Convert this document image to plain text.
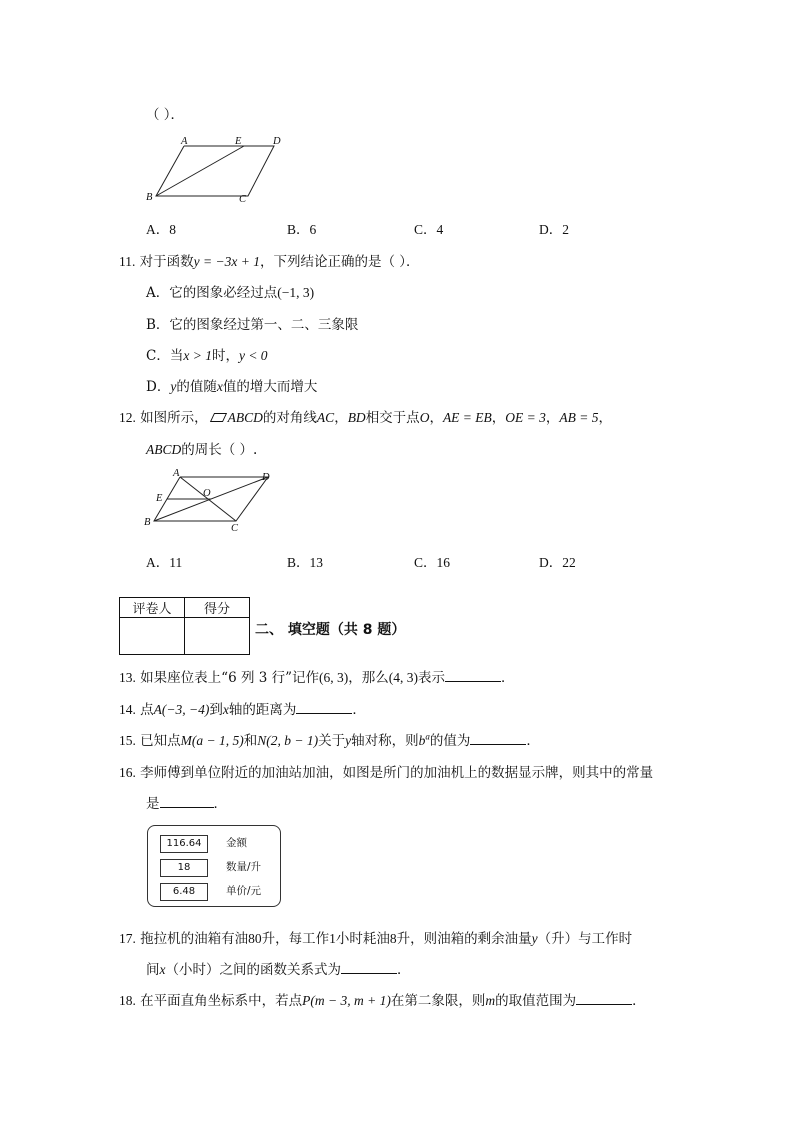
（ ）．
A	E	D
B	C
A．8	B．6	C．4	D．2
11. 对于函数y = −3x + 1，下列结论正确的是（ ）．
A．它的图象必经过点(−1, 3)
B．它的图象经过第一、二、三象限
C．当x > 1时，y < 0
D．y的值随x值的增大而增大
12. 如图所示， ABCD的对角线AC，BD相交于点O，AE = EB，OE = 3，AB = 5，
ABCD的周长（ ）.
A	D
E	O
B
C
A．11	B．13	C．16	D．22
评卷人	得分

二、 填空题（共 8 题）
13. 如果座位表上“6 列 3 行”记作(6, 3)，那么(4, 3)表示	．
14. 点A(−3, −4)到x轴的距离为	．
15. 已知点M(a − 1, 5)和N(2, b − 1)关于y轴对称，则$b^a$的值为	．
16. 李师傅到单位附近的加油站加油，如图是所门的加油机上的数据显示牌，则其中的常量
是	．
116.64	金额
18	数量/升
6.48	单价/元
17. 拖拉机的油箱有油80升，每工作1小时耗油8升，则油箱的剩余油量y（升）与工作时
间x（小时）之间的函数关系式为	．
18. 在平面直角坐标系中，若点P(m − 3, m + 1)在第二象限，则m的取值范围为	．
